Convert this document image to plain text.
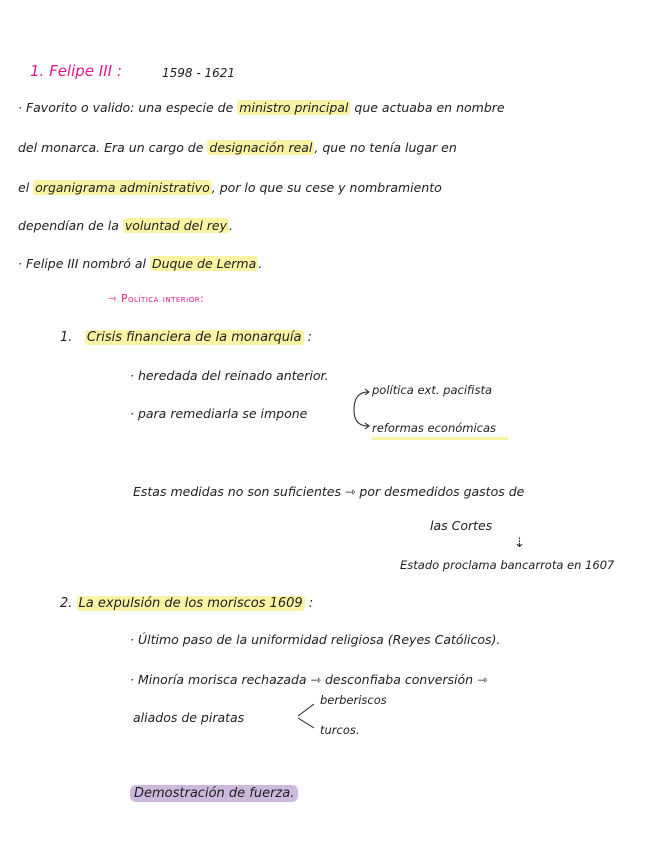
1. Felipe III :	1598 - 1621
· Favorito o valido: una especie de ministro principal que actuaba en nombre
del monarca. Era un cargo de designación real , que no tenía lugar en
el organigrama administrativo , por lo que su cese y nombramiento
dependían de la voluntad del rey .
· Felipe III nombró al Duque de Lerma .
⇾ Política interior:
1. Crisis financiera de la monarquía :
· heredada del reinado anterior.
· para remediarla se impone
política ext. pacifista
reformas económicas
Estas medidas no son suficientes ⇾ por desmedidos gastos de
las Cortes
⇣
Estado proclama bancarrota en 1607
2. La expulsión de los moriscos 1609 :
· Último paso de la uniformidad religiosa (Reyes Católicos).
· Minoría morisca rechazada ⇾ desconfiaba conversión ⇾
aliados de piratas
berberiscos
turcos.
Demostración de fuerza.
